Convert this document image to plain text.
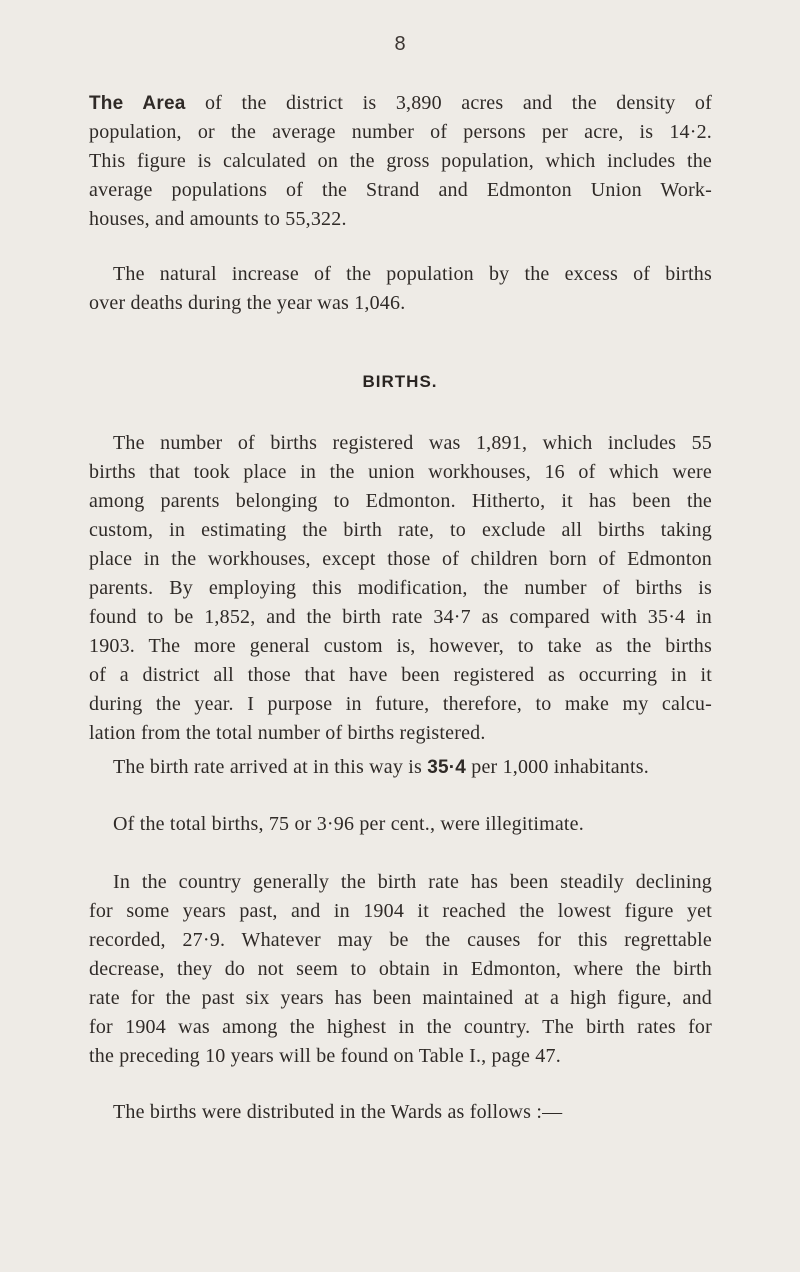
8

The Area of the district is 3,890 acres and the density of
population, or the average number of persons per acre, is 14·2.
This figure is calculated on the gross population, which includes the
average populations of the Strand and Edmonton Union Work-
houses, and amounts to 55,322.

The natural increase of the population by the excess of births
over deaths during the year was 1,046.

BIRTHS.

The number of births registered was 1,891, which includes 55
births that took place in the union workhouses, 16 of which were
among parents belonging to Edmonton. Hitherto, it has been the
custom, in estimating the birth rate, to exclude all births taking
place in the workhouses, except those of children born of Edmonton
parents. By employing this modification, the number of births is
found to be 1,852, and the birth rate 34·7 as compared with 35·4 in
1903. The more general custom is, however, to take as the births
of a district all those that have been registered as occurring in it
during the year. I purpose in future, therefore, to make my calcu-
lation from the total number of births registered.

The birth rate arrived at in this way is 35·4 per 1,000 inhabitants.

Of the total births, 75 or 3·96 per cent., were illegitimate.

In the country generally the birth rate has been steadily declining
for some years past, and in 1904 it reached the lowest figure yet
recorded, 27·9. Whatever may be the causes for this regrettable
decrease, they do not seem to obtain in Edmonton, where the birth
rate for the past six years has been maintained at a high figure, and
for 1904 was among the highest in the country. The birth rates for
the preceding 10 years will be found on Table I., page 47.

The births were distributed in the Wards as follows :—
